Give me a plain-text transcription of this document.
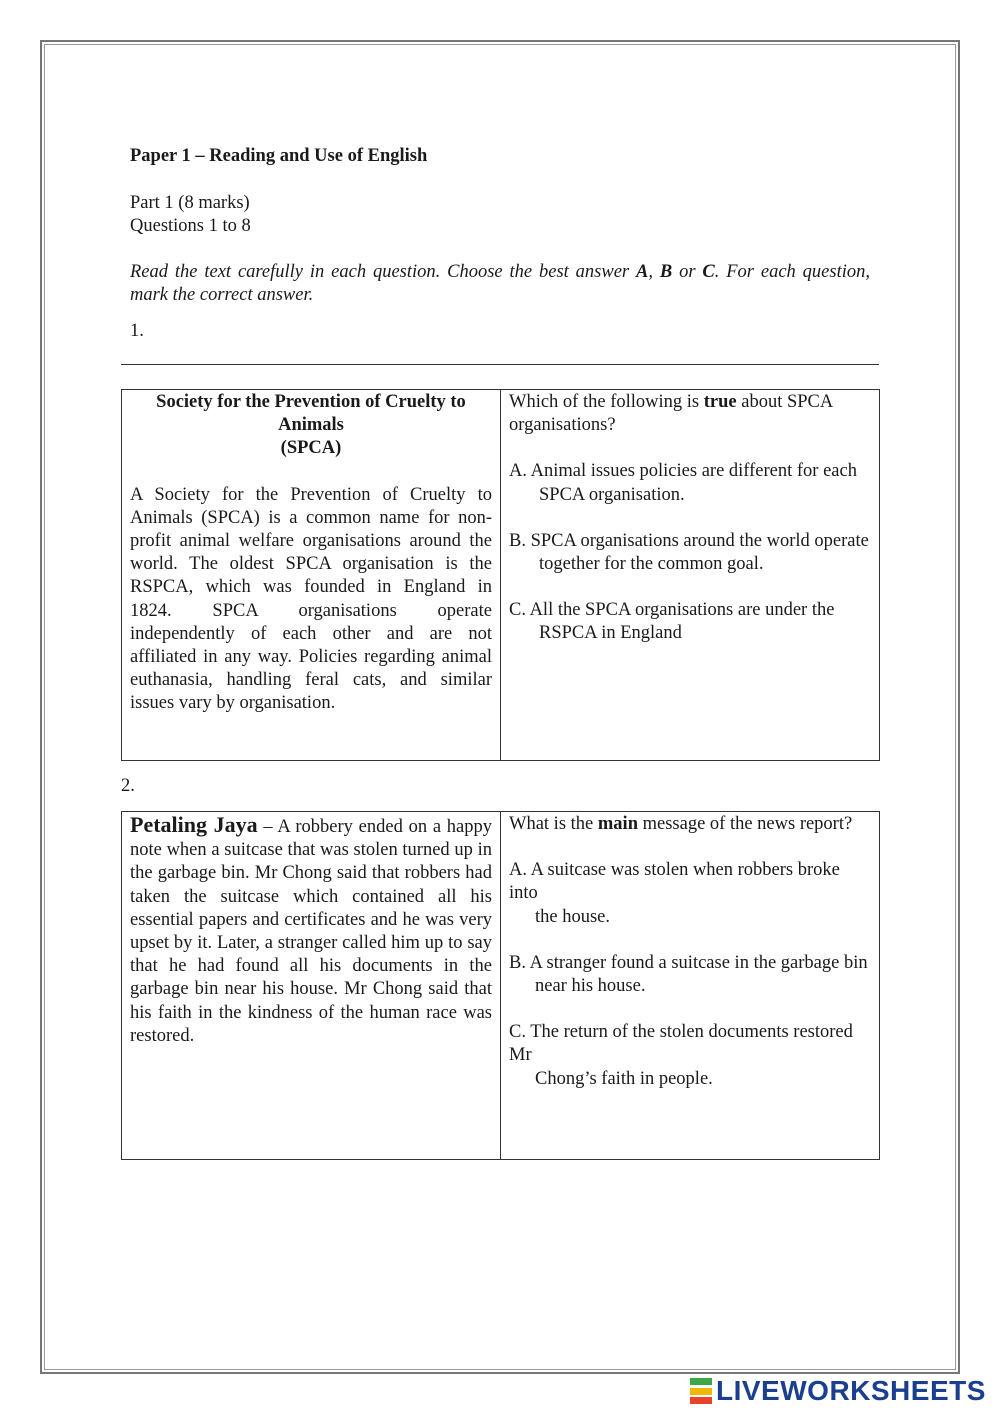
Paper 1 – Reading and Use of English
Part 1 (8 marks)
Questions 1 to 8
Read the text carefully in each question. Choose the best answer A, B or C. For each question, mark the correct answer.
1.
Society for the Prevention of Cruelty to Animals
(SPCA)
A Society for the Prevention of Cruelty to Animals (SPCA) is a common name for non-profit animal welfare organisations around the world. The oldest SPCA organisation is the RSPCA, which was founded in England in 1824. SPCA organisations operate independently of each other and are not affiliated in any way. Policies regarding animal euthanasia, handling feral cats, and similar issues vary by organisation.

Which of the following is true about SPCA organisations?
A. Animal issues policies are different for each
SPCA organisation.
B. SPCA organisations around the world operate
together for the common goal.
C. All the SPCA organisations are under the
RSPCA in England
2.
Petaling Jaya – A robbery ended on a happy note when a suitcase that was stolen turned up in the garbage bin. Mr Chong said that robbers had taken the suitcase which contained all his essential papers and certificates and he was very upset by it. Later, a stranger called him up to say that he had found all his documents in the garbage bin near his house. Mr Chong said that his faith in the kindness of the human race was restored.

What is the main message of the news report?
A. A suitcase was stolen when robbers broke into
the house.
B. A stranger found a suitcase in the garbage bin
near his house.
C. The return of the stolen documents restored Mr
Chong’s faith in people.
LIVEWORKSHEETS
